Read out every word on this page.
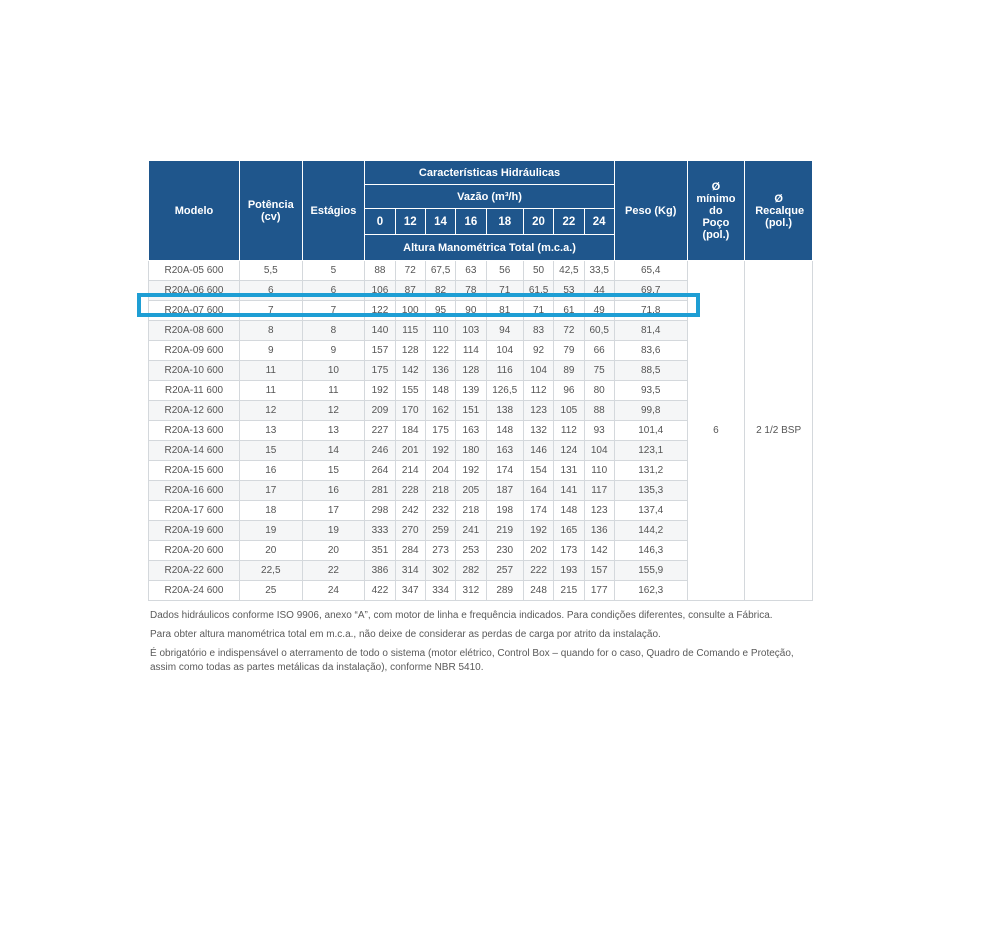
Modelo	Potência (cv)	Estágios	Características Hidráulicas								Peso (Kg)	Ø mínimo do Poço (pol.)	Ø Recalque (pol.)
			Vazão (m³/h)										
			0	12	14	16	18	20	22	24			
			Altura Manométrica Total (m.c.a.)										
R20A-05 600	5,5	5	88	72	67,5	63	56	50	42,5	33,5	65,4	6	2 1/2 BSP
R20A-06 600	6	6	106	87	82	78	71	61,5	53	44	69,7		
R20A-07 600	7	7	122	100	95	90	81	71	61	49	71,8		
R20A-08 600	8	8	140	115	110	103	94	83	72	60,5	81,4		
R20A-09 600	9	9	157	128	122	114	104	92	79	66	83,6		
R20A-10 600	11	10	175	142	136	128	116	104	89	75	88,5		
R20A-11 600	11	11	192	155	148	139	126,5	112	96	80	93,5		
R20A-12 600	12	12	209	170	162	151	138	123	105	88	99,8		
R20A-13 600	13	13	227	184	175	163	148	132	112	93	101,4		
R20A-14 600	15	14	246	201	192	180	163	146	124	104	123,1		
R20A-15 600	16	15	264	214	204	192	174	154	131	110	131,2		
R20A-16 600	17	16	281	228	218	205	187	164	141	117	135,3		
R20A-17 600	18	17	298	242	232	218	198	174	148	123	137,4		
R20A-19 600	19	19	333	270	259	241	219	192	165	136	144,2		
R20A-20 600	20	20	351	284	273	253	230	202	173	142	146,3		
R20A-22 600	22,5	22	386	314	302	282	257	222	193	157	155,9		
R20A-24 600	25	24	422	347	334	312	289	248	215	177	162,3		

Dados hidráulicos conforme ISO 9906, anexo “A”, com motor de linha e frequência indicados. Para condições diferentes, consulte a Fábrica.

Para obter altura manométrica total em m.c.a., não deixe de considerar as perdas de carga por atrito da instalação.

É obrigatório e indispensável o aterramento de todo o sistema (motor elétrico, Control Box – quando for o caso, Quadro de Comando e Proteção, assim como todas as partes metálicas da instalação), conforme NBR 5410.
